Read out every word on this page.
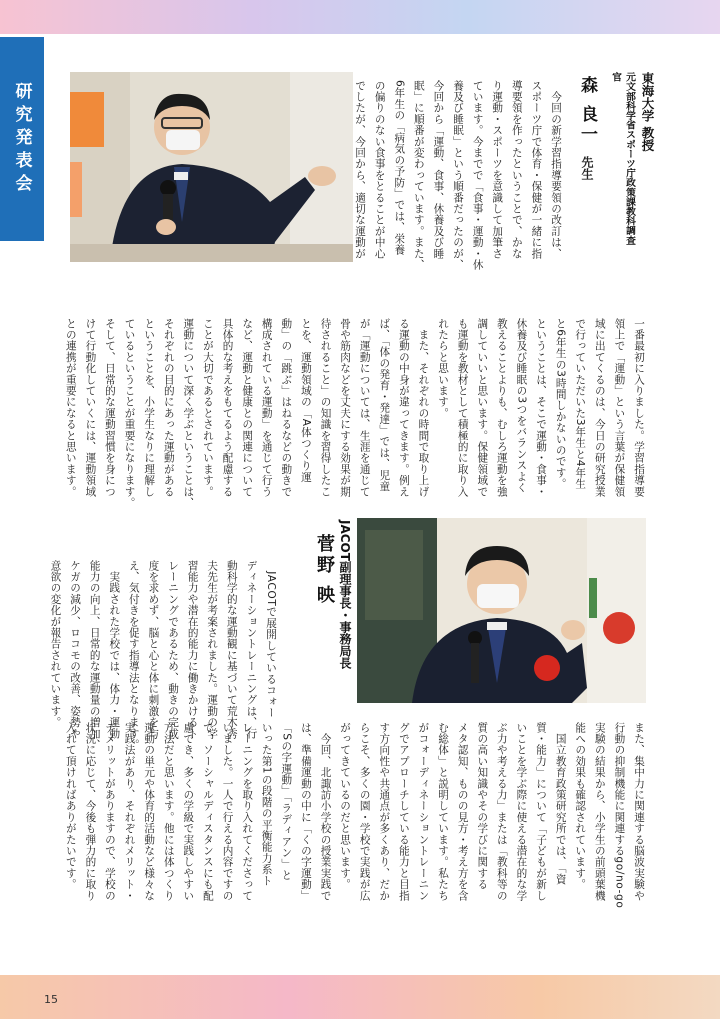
研究発表会	東海大学 教授
元文部科学省スポーツ庁政策課教科調査官
森 良一 先生
　今回の新学習指導要領の改訂は、
スポーツ庁で体育・保健が一緒に指
導要領を作ったということで、かな
り運動・スポーツを意識して加筆さ
ています。今までで「食事・運動・休
養及び睡眠」という順番だったのが、
今回から「運動、食事、休養及び睡
眠」に順番が変わっています。また、
6年生の「病気の予防」では、栄養
の偏りのない食事をとることが中心
でしたが、今回から、適切な運動が
一番最初に入りました。学習指導要
領上で「運動」という言葉が保健領
域に出てくるのは、今日の研究授業
で行っていただいた3年生と4年生
と6年生の3時間しかないのです。
ということは、そこで運動・食事・
休養及び睡眠の3つをバランスよく
教えることよりも、むしろ運動を強
調していいと思います。保健領域で
も運動を教材として積極的に取り入
れたらと思います。
　また、それぞれの時間で取り上げ
る運動の中身が違ってきます。例え
ば、「体の発育・発達」では、児童
が「運動については、生涯を通じて
骨や筋肉などを丈夫にする効果が期
待されること」の知識を習得したこ
とを、運動領域の「A体つくり運
動」の「跳ぶ」はねるなどの動きで
構成されている運動」を通じて行う
など、運動と健康との関連について
具体的な考えをもてるよう配慮する
ことが大切であるとされています。
運動について深く学ぶということは、
それぞれの目的にあった運動がある
ということを、小学生なりに理解し
ているということが重要になります。
そして、日常的な運動習慣を身につ
けて行動化していくには、運動領域
との連携が重要になると思います。
JACOT副理事長・事務局長
菅野 映
　JACOTで展開しているコォー
ディネーショントレーニングは、行
動科学的な運動観に基づいて荒木秀
夫先生が考案されました。運動の学
習能力や潜在的能力に働きかけるト
レーニングであるため、動きの完成
度を求めず、脳と心と体に刺激を与
え、気付きを促す指導法となります。
　実践された学校では、体力・運動
能力の向上、日常的な運動量の増加、
ケガの減少、ロコモの改善、姿勢や
意欲の変化が報告されています。
また、集中力に関連する脳波実験や
行動の抑制機能に関連するgo/no-go
実験の結果から、小学生の前頭葉機
能への効果も確認されています。
　国立教育政策研究所では、「資
質・能力」について「子どもが新し
いことを学ぶ際に使える潜在的な学
ぶ力や考える力」または「教科等の
質の高い知識やその学びに関する
メタ認知、ものの見方・考え方を含
む総体」と説明しています。私たち
がコォーディネーショントレーニン
グでアプローチしている能力と目指
す方向性や共通点が多くあり、だか
らこそ、多くの園・学校で実践が広
がってきているのだと思います。
　今回、北諏訪小学校の授業実践で
は、準備運動の中に「くの字運動」
「Sの字運動」「ラディアン」と
いった第1の段階の平衡能力系ト
レーニングを取り入れてくださって
いました。一人で行える内容ですの
で、ソーシャルディスタンスにも配
慮でき、多くの学級で実践しやすい
方法だと思います。他には体つくり
運動の単元や体育的活動など様々な
実践法があり、それぞれメリット・
デメリットがありますので、学校の
状況に応じて、今後も弾力的に取り
入れて頂ければありがたいです。
15
